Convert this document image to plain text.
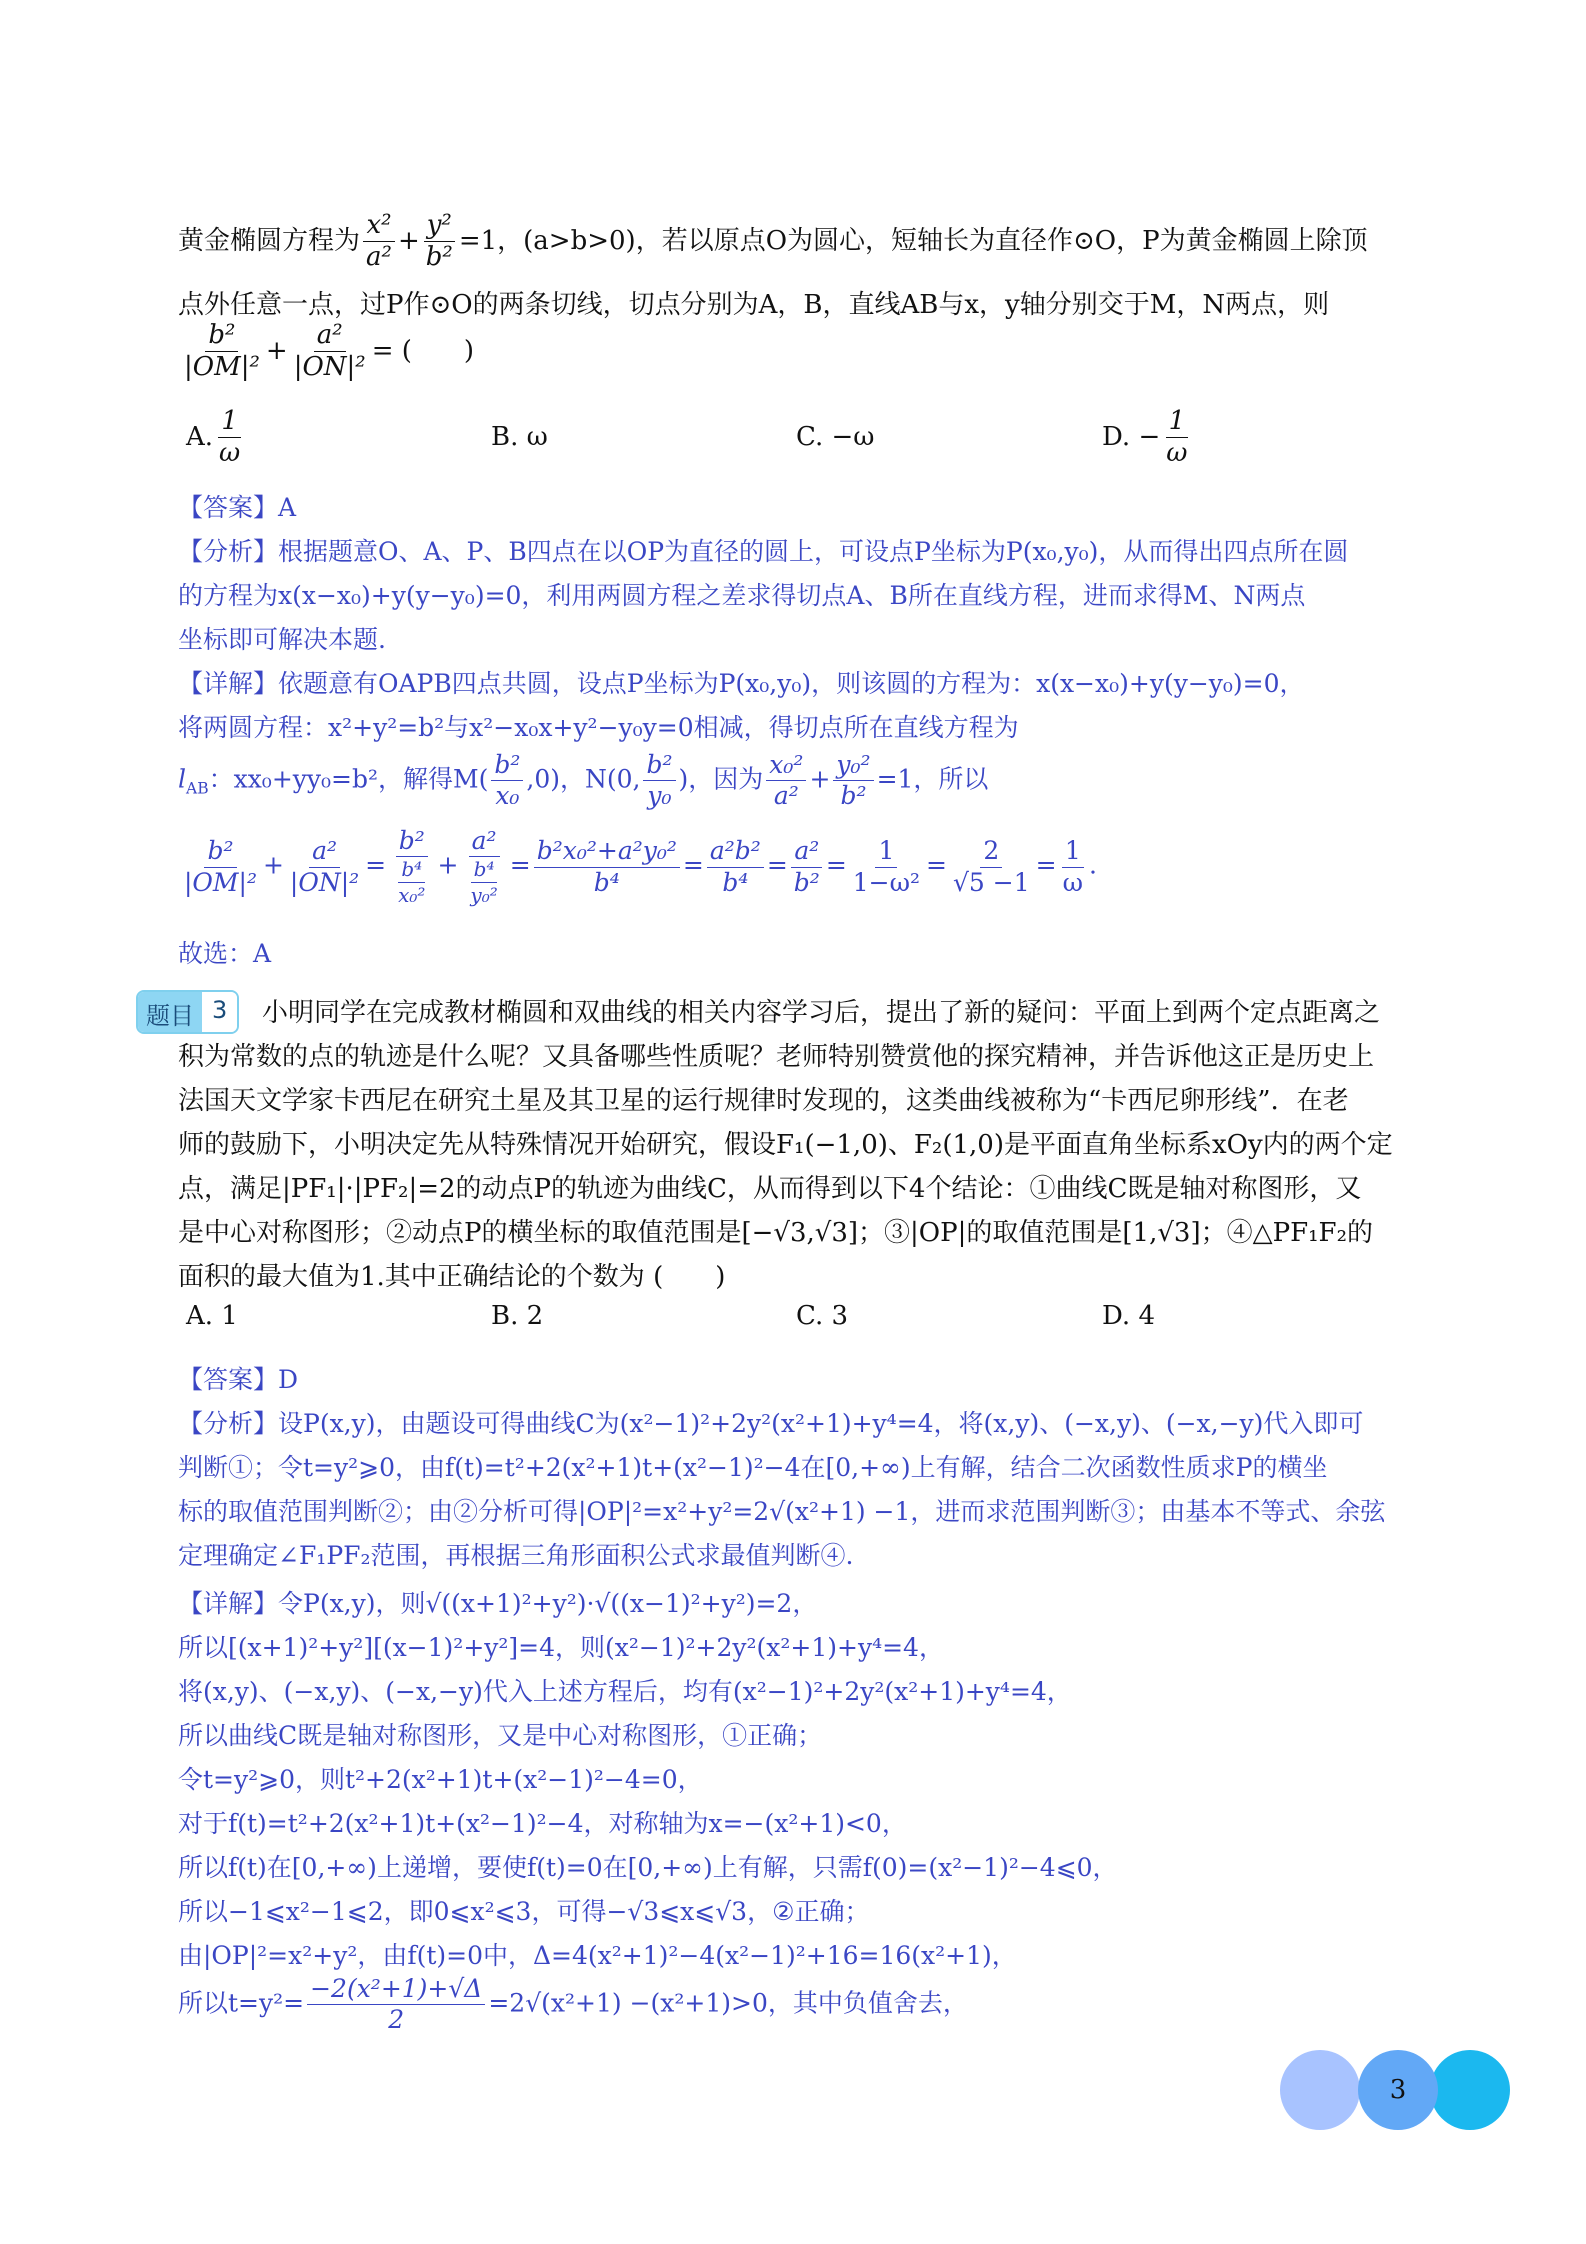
黄金椭圆方程为 $\frac{\text{x²}}{\text{a²}} + \frac{\text{y²}}{\text{b²}} =1$，(a>b>0)，若以原点O为圆心，短轴长为直径作⊙O，P为黄金椭圆上除顶
点外任意一点，过P作⊙O的两条切线，切点分别为A，B，直线AB与x，y轴分别交于M，N两点，则
$\frac{\text{b²}}{\text{|OM|²}} + \frac{\text{a²}}{\text{|ON|²}}$ = (　　)
A. $\frac{1}{\omega}$	B. ω	C. −ω	D. − $\frac{1}{\omega}$
【答案】A
【分析】根据题意O、A、P、B四点在以OP为直径的圆上，可设点P坐标为P(x₀,y₀)，从而得出四点所在圆
的方程为x(x−x₀)+y(y−y₀)=0，利用两圆方程之差求得切点A、B所在直线方程，进而求得M、N两点
坐标即可解决本题.
【详解】依题意有OAPB四点共圆，设点P坐标为P(x₀,y₀)，则该圆的方程为：x(x−x₀)+y(y−y₀)=0，
将两圆方程：x²+y²=b²与x²−x₀x+y²−y₀y=0相减，得切点所在直线方程为
$l_{AB}$：xx₀+yy₀=b²，解得$M( \frac{\text{b²}}{\text{x₀}} ,0)$，N(0, $\frac{\text{b²}}{\text{y₀}}$ )，因为 $\frac{\text{x₀²}}{\text{a²}} + \frac{\text{y₀²}}{\text{b²}} =1$，所以
$\frac{\text{b²}}{\text{|OM|²}} + \frac{\text{a²}}{\text{|ON|²}} = \frac{\text{b²}}{\frac{\text{b⁴}}{\text{x₀²}}} + \frac{\text{a²}}{\frac{\text{b⁴}}{\text{y₀²}}} = \frac{\text{b²x₀²+a²y₀²}}{\text{b⁴}} = \frac{\text{a²b²}}{\text{b⁴}} = \frac{\text{a²}}{\text{b²}} = \frac{1}{\text{1−ω²}} = \frac{2}{√5 -1} = \frac{1}{\omega}$ .
故选：A
题目 3	小明同学在完成教材椭圆和双曲线的相关内容学习后，提出了新的疑问：平面上到两个定点距离之
积为常数的点的轨迹是什么呢？又具备哪些性质呢？老师特别赞赏他的探究精神，并告诉他这正是历史上
法国天文学家卡西尼在研究土星及其卫星的运行规律时发现的，这类曲线被称为“卡西尼卵形线”．在老
师的鼓励下，小明决定先从特殊情况开始研究，假设F₁(−1,0)、F₂(1,0)是平面直角坐标系xOy内的两个定
点，满足|PF₁|·|PF₂|=2的动点P的轨迹为曲线C，从而得到以下4个结论：①曲线C既是轴对称图形，又
是中心对称图形；②动点P的横坐标的取值范围是[−√3,√3]；③|OP|的取值范围是[1,√3]；④△PF₁F₂的
面积的最大值为1.其中正确结论的个数为 (　　)
A. 1	B. 2	C. 3	D. 4
【答案】D
【分析】设P(x,y)，由题设可得曲线C为(x²−1)²+2y²(x²+1)+y⁴=4，将(x,y)、(−x,y)、(−x,−y)代入即可
判断①；令t=y²⩾0，由f(t)=t²+2(x²+1)t+(x²−1)²−4在[0,+∞)上有解，结合二次函数性质求P的横坐
标的取值范围判断②；由②分析可得|OP|²=x²+y²=2√(x²+1) −1，进而求范围判断③；由基本不等式、余弦
定理确定∠F₁PF₂范围，再根据三角形面积公式求最值判断④.
【详解】令P(x,y)，则√((x+1)²+y²)·√((x−1)²+y²)=2，
所以[(x+1)²+y²][(x−1)²+y²]=4，则(x²−1)²+2y²(x²+1)+y⁴=4，
将(x,y)、(−x,y)、(−x,−y)代入上述方程后，均有(x²−1)²+2y²(x²+1)+y⁴=4，
所以曲线C既是轴对称图形，又是中心对称图形，①正确；
令t=y²⩾0，则t²+2(x²+1)t+(x²−1)²−4=0，
对于f(t)=t²+2(x²+1)t+(x²−1)²−4，对称轴为x=−(x²+1)<0，
所以f(t)在[0,+∞)上递增，要使f(t)=0在[0,+∞)上有解，只需f(0)=(x²−1)²−4⩽0，
所以−1⩽x²−1⩽2，即0⩽x²⩽3，可得−√3⩽x⩽√3，②正确；
由|OP|²=x²+y²，由f(t)=0中，Δ=4(x²+1)²−4(x²−1)²+16=16(x²+1)，
所以$t=y^2= \frac{\text{−2(x²+1)+√Δ}}{2} =2√(x^2+1) -(x^2+1)>0$，其中负值舍去，
3
